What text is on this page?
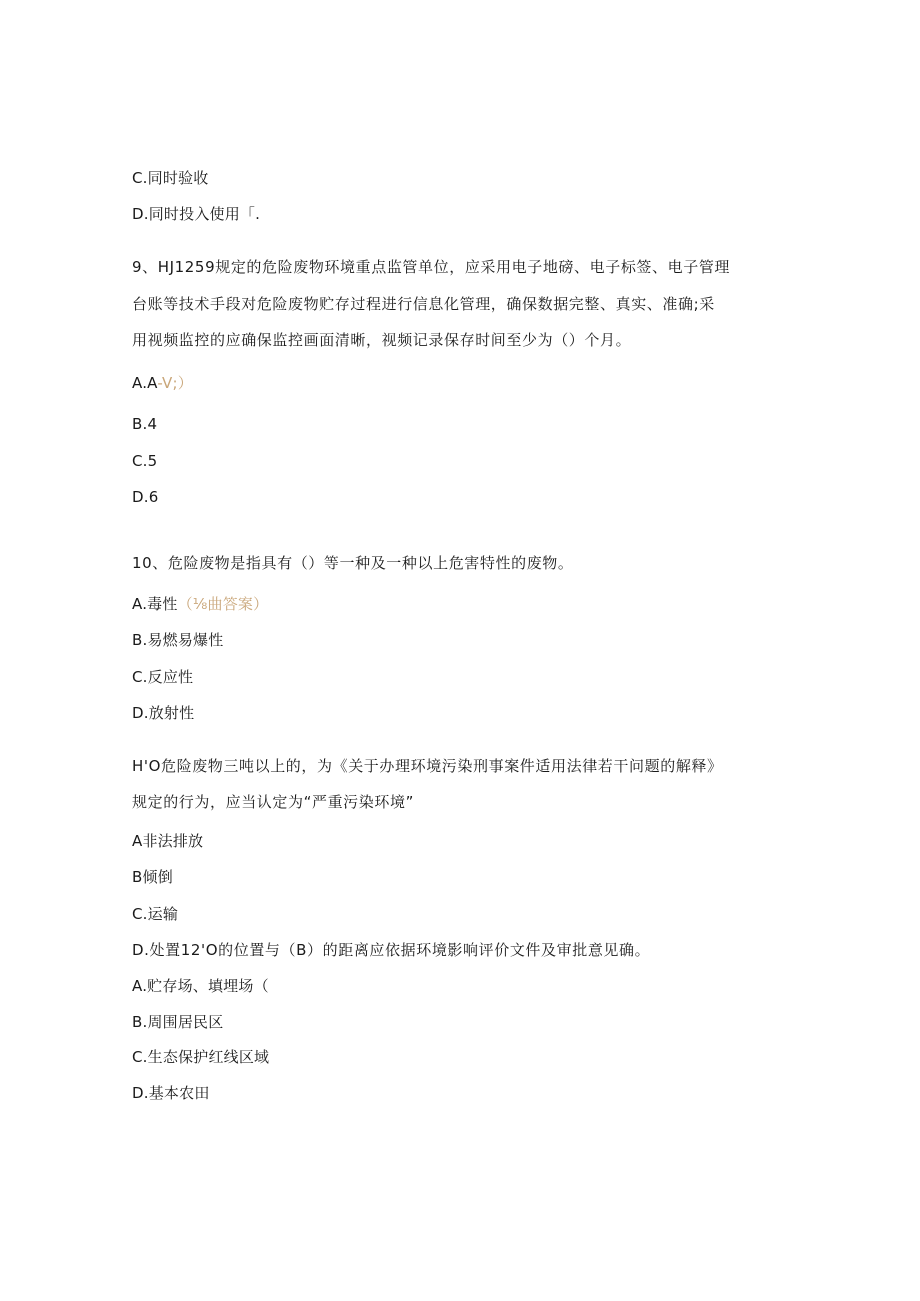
C.同时验收
D.同时投入使用「.
9、HJ1259规定的危险废物环境重点监管单位，应采用电子地磅、电子标签、电子管理
台账等技术手段对危险废物贮存过程进行信息化管理，确保数据完整、真实、准确;采
用视频监控的应确保监控画面清晰，视频记录保存时间至少为（）个月。
A.A-V;）
B.4
C.5
D.6
10、危险废物是指具有（）等一种及一种以上危害特性的废物。
A.毒性（⅛曲答案）
B.易燃易爆性
C.反应性
D.放射性
H'O危险废物三吨以上的，为《关于办理环境污染刑事案件适用法律若干问题的解释》
规定的行为，应当认定为“严重污染环境”
A非法排放
B倾倒
C.运输
D.处置12'O的位置与（B）的距离应依据环境影响评价文件及审批意见确。
A.贮存场、填埋场（
B.周围居民区
C.生态保护红线区域
D.基本农田
